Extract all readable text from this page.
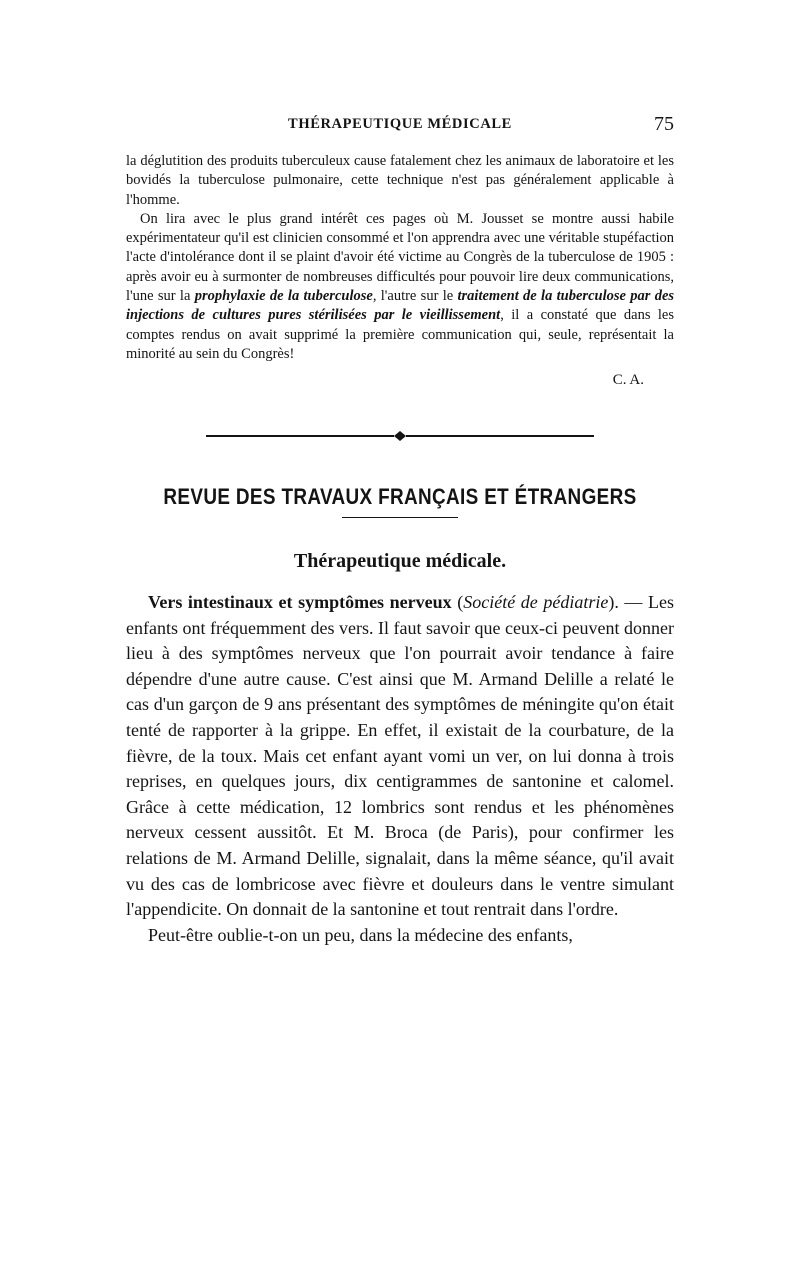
THÉRAPEUTIQUE MÉDICALE	75

la déglutition des produits tuberculeux cause fatalement chez les animaux de laboratoire et les bovidés la tuberculose pulmonaire, cette technique n'est pas généralement applicable à l'homme.

On lira avec le plus grand intérêt ces pages où M. Jousset se montre aussi habile expérimentateur qu'il est clinicien consommé et l'on apprendra avec une véritable stupéfaction l'acte d'intolérance dont il se plaint d'avoir été victime au Congrès de la tuberculose de 1905 : après avoir eu à surmonter de nombreuses difficultés pour pouvoir lire deux communications, l'une sur la prophylaxie de la tuberculose, l'autre sur le traitement de la tuberculose par des injections de cultures pures stérilisées par le vieillissement, il a constaté que dans les comptes rendus on avait supprimé la première communication qui, seule, représentait la minorité au sein du Congrès!

C. A.
REVUE DES TRAVAUX FRANÇAIS ET ÉTRANGERS
Thérapeutique médicale.

Vers intestinaux et symptômes nerveux (Société de pédiatrie). — Les enfants ont fréquemment des vers. Il faut savoir que ceux-ci peuvent donner lieu à des symptômes nerveux que l'on pourrait avoir tendance à faire dépendre d'une autre cause. C'est ainsi que M. Armand Delille a relaté le cas d'un garçon de 9 ans présentant des symptômes de méningite qu'on était tenté de rapporter à la grippe. En effet, il existait de la courbature, de la fièvre, de la toux. Mais cet enfant ayant vomi un ver, on lui donna à trois reprises, en quelques jours, dix centigrammes de santonine et calomel. Grâce à cette médication, 12 lombrics sont rendus et les phénomènes nerveux cessent aussitôt. Et M. Broca (de Paris), pour confirmer les relations de M. Armand Delille, signalait, dans la même séance, qu'il avait vu des cas de lombricose avec fièvre et douleurs dans le ventre simulant l'appendicite. On donnait de la santonine et tout rentrait dans l'ordre.

Peut-être oublie-t-on un peu, dans la médecine des enfants,
